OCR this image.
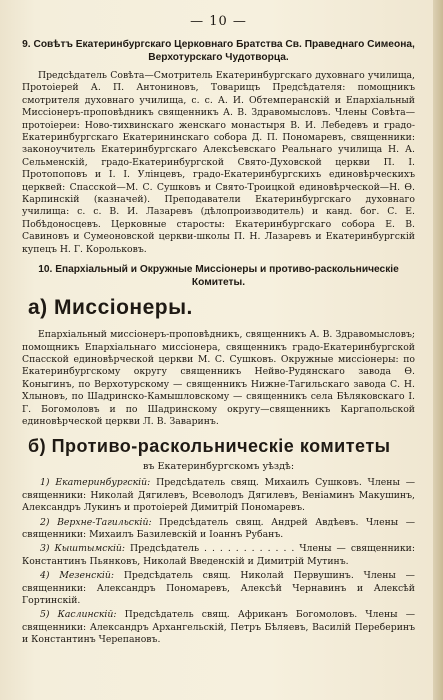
— 10 —
9. Совѣтъ Екатеринбургскаго Церковнаго Братства Св. Праведнаго Симеона,
Верхотурскаго Чудотворца.

Предсѣдатель Совѣта—Смотритель Екатеринбургскаго духовнаго училища, Протоіерей А. П. Антониновъ, Товарищъ Предсѣдателя: помощникъ смотрителя духовнаго училища, с. с. А. И. Обтемперанскій и Епархіальный Миссіонеръ-проповѣдникъ священникъ А. В. Здравомысловъ. Члены Совѣта—протоіереи: Ново-тихвинскаго женскаго монастыря В. И. Лебедевъ и градо-Екатеринбургскаго Екатерининскаго собора Д. П. Пономаревъ, священники: законоучитель Екатеринбургскаго Алексѣевскаго Реальнаго училища Н. А. Сельменскій, градо-Екатеринбургской Свято-Духовской церкви П. І. Протопоповъ и І. І. Улінцевъ, градо-Екатеринбургскихъ единовѣрческихъ церквей: Спасской—М. С. Сушковъ и Свято-Троицкой единовѣрческой—Н. Ѳ. Карпинскій (казначей). Преподаватели Екатеринбургскаго духовнаго училища: с. с. В. И. Лазаревъ (дѣлопроизводитель) и канд. бог. С. Е. Побѣдоносцевъ. Церковные старосты: Екатеринбургскаго собора Е. В. Савиновъ и Сумеоновской церкви-школы П. Н. Лазаревъ и Екатеринбургскій купецъ Н. Г. Корольковъ.

10. Епархіальный и Окружные Миссіонеры и противо-раскольническіе
Комитеты.
а) Миссіонеры.

Епархіальный миссіонеръ-проповѣдникъ, священникъ А. В. Здравомысловъ; помощникъ Епархіальнаго миссіонера, священникъ градо-Екатеринбургской Спасской единовѣрческой церкви М. С. Сушковъ. Окружные миссіонеры: по Екатеринбургскому округу священникъ Нейво-Рудянскаго завода Ѳ. Коныгинъ, по Верхотурскому — священникъ Нижне-Тагильскаго завода С. Н. Хлыновъ, по Шадринско-Камышловскому — священникъ села Бѣляковскаго І. Г. Богомоловъ и по Шадринскому округу—священникъ Каргапольской единовѣрческой церкви Л. В. Заваринъ.

б) Противо-раскольническіе комитеты
въ Екатеринбургскомъ уѣздѣ:

1) Екатеринбургскій: Предсѣдатель свящ. Михаилъ Сушковъ. Члены — священники: Николай Дягилевъ, Всеволодъ Дягилевъ, Веніаминъ Макушинъ, Александръ Лукинъ и протоіерей Димитрій Пономаревъ.

2) Верхне-Тагильскій: Предсѣдатель свящ. Андрей Авдѣевъ. Члены — священники: Михаилъ Базилевскій и Іоаннъ Рубанъ.

3) Кыштымскій: Предсѣдатель . . . . . . . . . . . . Члены — священники: Константинъ Пьянковъ, Николай Введенскій и Димитрій Мутинъ.

4) Мезенскій: Предсѣдатель свящ. Николай Первушинъ. Члены — священники: Александръ Пономаревъ, Алексѣй Чернавинъ и Алексѣй Гортинскій.

5) Каслинскій: Предсѣдатель свящ. Африканъ Богомоловъ. Члены — священники: Александръ Архангельскій, Петръ Бѣляевъ, Василій Переберинъ и Константинъ Черепановъ.
